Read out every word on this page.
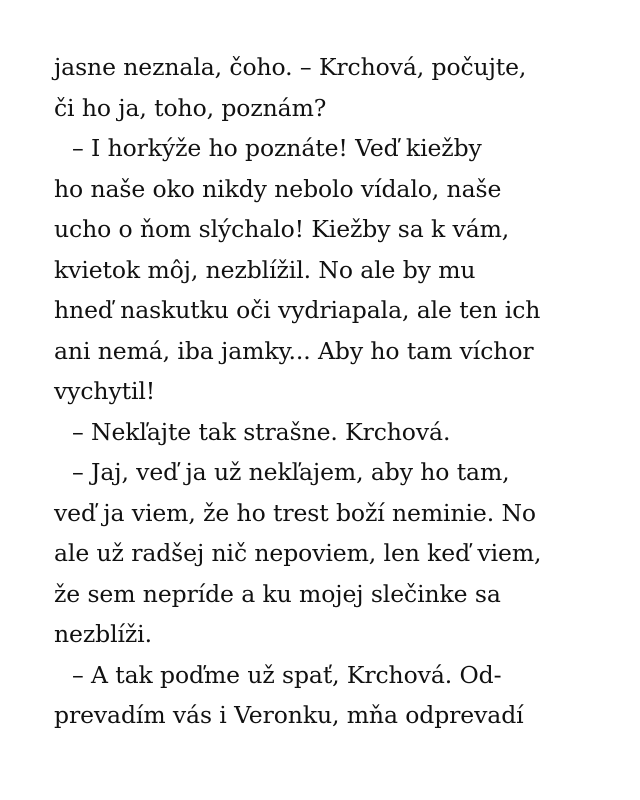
jasne neznala, čoho. – Krchová, počujte,

či ho ja, toho, poznám?

– I horkýže ho poznáte! Veď kiežby

ho naše oko nikdy nebolo vídalo, naše

ucho o ňom slýchalo! Kiežby sa k vám,

kvietok môj, nezblížil. No ale by mu

hneď naskutku oči vydriapala, ale ten ich

ani nemá, iba jamky... Aby ho tam víchor

vychytil!

– Nekľajte tak strašne. Krchová.

– Jaj, veď ja už nekľajem, aby ho tam,

veď ja viem, že ho trest boží neminie. No

ale už radšej nič nepoviem, len keď viem,

že sem nepríde a ku mojej slečinke sa

nezblíži.

– A tak poďme už spať, Krchová. Od-

prevadím vás i Veronku, mňa odprevadí
